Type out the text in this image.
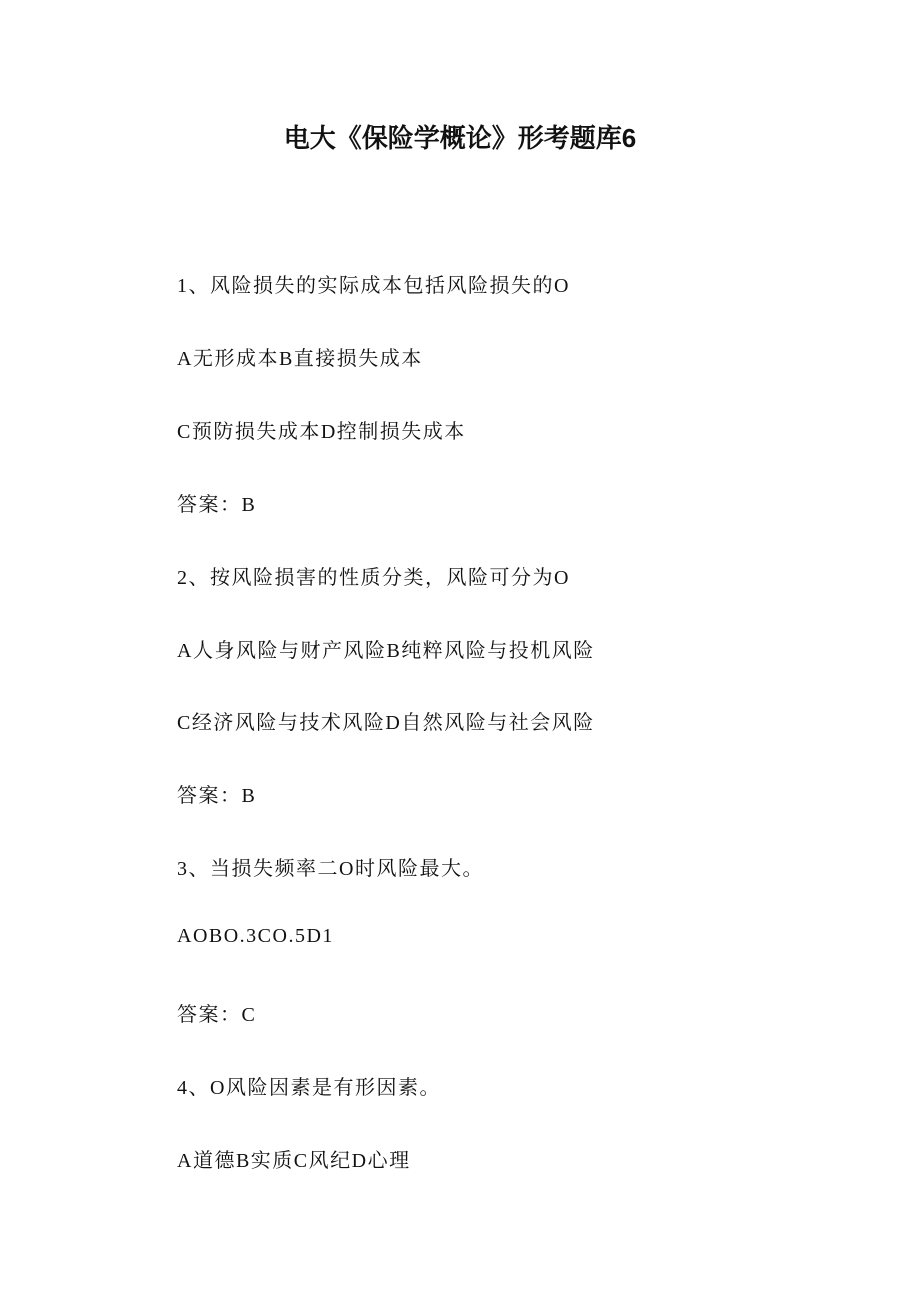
电大《保险学概论》形考题库6
1、风险损失的实际成本包括风险损失的O
A无形成本B直接损失成本
C预防损失成本D控制损失成本
答案：B
2、按风险损害的性质分类，风险可分为O
A人身风险与财产风险B纯粹风险与投机风险
C经济风险与技术风险D自然风险与社会风险
答案：B
3、当损失频率二O时风险最大。
AOBO.3CO.5D1
答案：C
4、O风险因素是有形因素。
A道德B实质C风纪D心理
